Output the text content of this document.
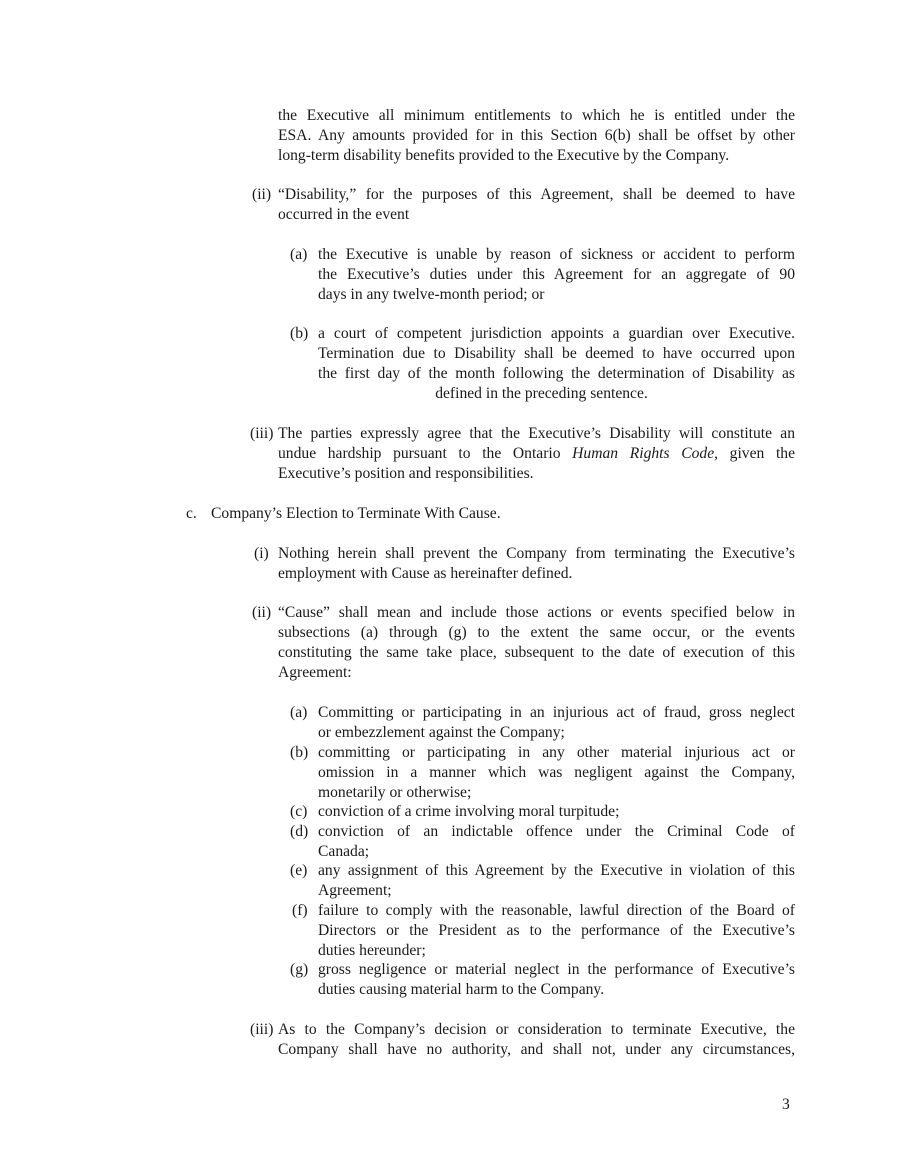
the Executive all minimum entitlements to which he is entitled under the
ESA. Any amounts provided for in this Section 6(b) shall be offset by other
long-term disability benefits provided to the Executive by the Company.
(ii) “Disability,” for the purposes of this Agreement, shall be deemed to have
occurred in the event
(a) the Executive is unable by reason of sickness or accident to perform
the Executive’s duties under this Agreement for an aggregate of 90
days in any twelve-month period; or
(b) a court of competent jurisdiction appoints a guardian over Executive.
Termination due to Disability shall be deemed to have occurred upon
the first day of the month following the determination of Disability as
defined in the preceding sentence.
(iii) The parties expressly agree that the Executive’s Disability will constitute an
undue hardship pursuant to the Ontario Human Rights Code, given the
Executive’s position and responsibilities.
c. Company’s Election to Terminate With Cause.
(i) Nothing herein shall prevent the Company from terminating the Executive’s
employment with Cause as hereinafter defined.
(ii) “Cause” shall mean and include those actions or events specified below in
subsections (a) through (g) to the extent the same occur, or the events
constituting the same take place, subsequent to the date of execution of this
Agreement:
(a) Committing or participating in an injurious act of fraud, gross neglect
or embezzlement against the Company;
(b) committing or participating in any other material injurious act or
omission in a manner which was negligent against the Company,
monetarily or otherwise;
(c) conviction of a crime involving moral turpitude;
(d) conviction of an indictable offence under the Criminal Code of
Canada;
(e) any assignment of this Agreement by the Executive in violation of this
Agreement;
(f) failure to comply with the reasonable, lawful direction of the Board of
Directors or the President as to the performance of the Executive’s
duties hereunder;
(g) gross negligence or material neglect in the performance of Executive’s
duties causing material harm to the Company.
(iii) As to the Company’s decision or consideration to terminate Executive, the
Company shall have no authority, and shall not, under any circumstances,
3
